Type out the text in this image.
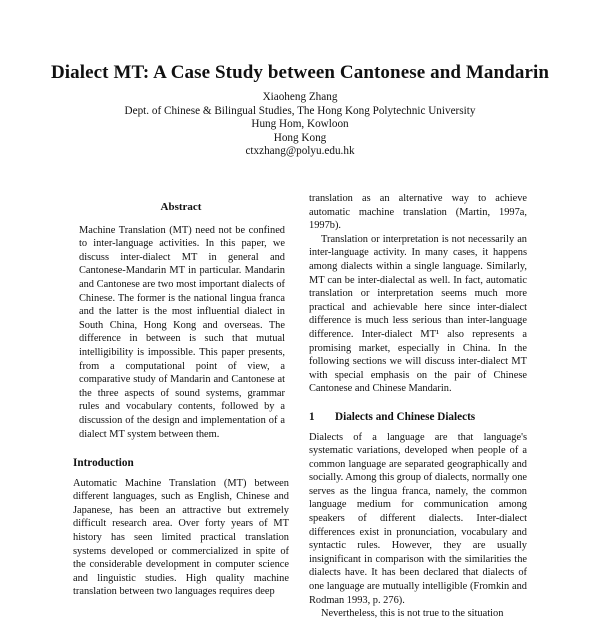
Dialect MT: A Case Study between Cantonese and Mandarin
Xiaoheng Zhang
Dept. of Chinese & Bilingual Studies, The Hong Kong Polytechnic University
Hung Hom, Kowloon
Hong Kong
ctxzhang@polyu.edu.hk
Abstract

Machine Translation (MT) need not be confined to inter-language activities. In this paper, we discuss inter-dialect MT in general and Cantonese-Mandarin MT in particular. Mandarin and Cantonese are two most important dialects of Chinese. The former is the national lingua franca and the latter is the most influential dialect in South China, Hong Kong and overseas. The difference in between is such that mutual intelligibility is impossible. This paper presents, from a computational point of view, a comparative study of Mandarin and Cantonese at the three aspects of sound systems, grammar rules and vocabulary contents, followed by a discussion of the design and implementation of a dialect MT system between them.

Introduction

Automatic Machine Translation (MT) between different languages, such as English, Chinese and Japanese, has been an attractive but extremely difficult research area. Over forty years of MT history has seen limited practical translation systems developed or commercialized in spite of the considerable development in computer science and linguistic studies. High quality machine translation between two languages requires deep

translation as an alternative way to achieve automatic machine translation (Martin, 1997a, 1997b).

Translation or interpretation is not necessarily an inter-language activity. In many cases, it happens among dialects within a single language. Similarly, MT can be inter-dialectal as well. In fact, automatic translation or interpretation seems much more practical and achievable here since inter-dialect difference is much less serious than inter-language difference. Inter-dialect MT¹ also represents a promising market, especially in China. In the following sections we will discuss inter-dialect MT with special emphasis on the pair of Chinese Cantonese and Chinese Mandarin.

1 Dialects and Chinese Dialects

Dialects of a language are that language's systematic variations, developed when people of a common language are separated geographically and socially. Among this group of dialects, normally one serves as the lingua franca, namely, the common language medium for communication among speakers of different dialects. Inter-dialect differences exist in pronunciation, vocabulary and syntactic rules. However, they are usually insignificant in comparison with the similarities the dialects have. It has been declared that dialects of one language are mutually intelligible (Fromkin and Rodman 1993, p. 276).

Nevertheless, this is not true to the situation
